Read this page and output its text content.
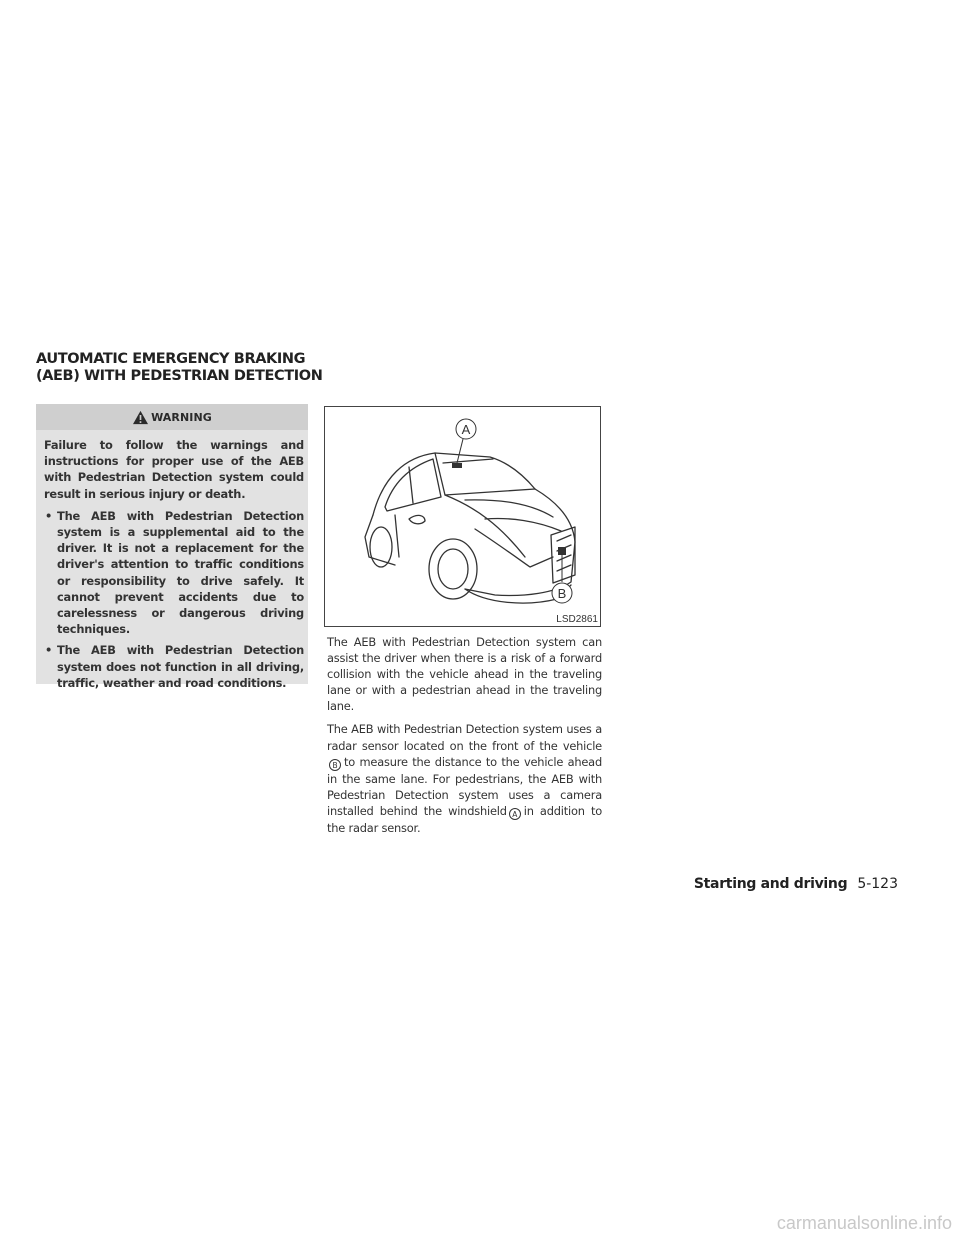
AUTOMATIC EMERGENCY BRAKING
(AEB) WITH PEDESTRIAN DETECTION
WARNING

Failure to follow the warnings and instructions for proper use of the AEB with Pedestrian Detection system could result in serious injury or death.

• The AEB with Pedestrian Detection system is a supplemental aid to the driver. It is not a replacement for the driver's attention to traffic conditions or responsibility to drive safely. It cannot prevent accidents due to carelessness or dangerous driving techniques.
• The AEB with Pedestrian Detection system does not function in all driving, traffic, weather and road conditions.
A
B
LSD2861

The AEB with Pedestrian Detection system can assist the driver when there is a risk of a forward collision with the vehicle ahead in the traveling lane or with a pedestrian ahead in the traveling lane.

The AEB with Pedestrian Detection system uses a radar sensor located on the front of the vehicleB to measure the distance to the vehicle ahead in the same lane. For pedestrians, the AEB with Pedestrian Detection system uses a camera installed behind the windshield A in addition to the radar sensor.

Starting and driving 5-123
carmanualsonline.info
